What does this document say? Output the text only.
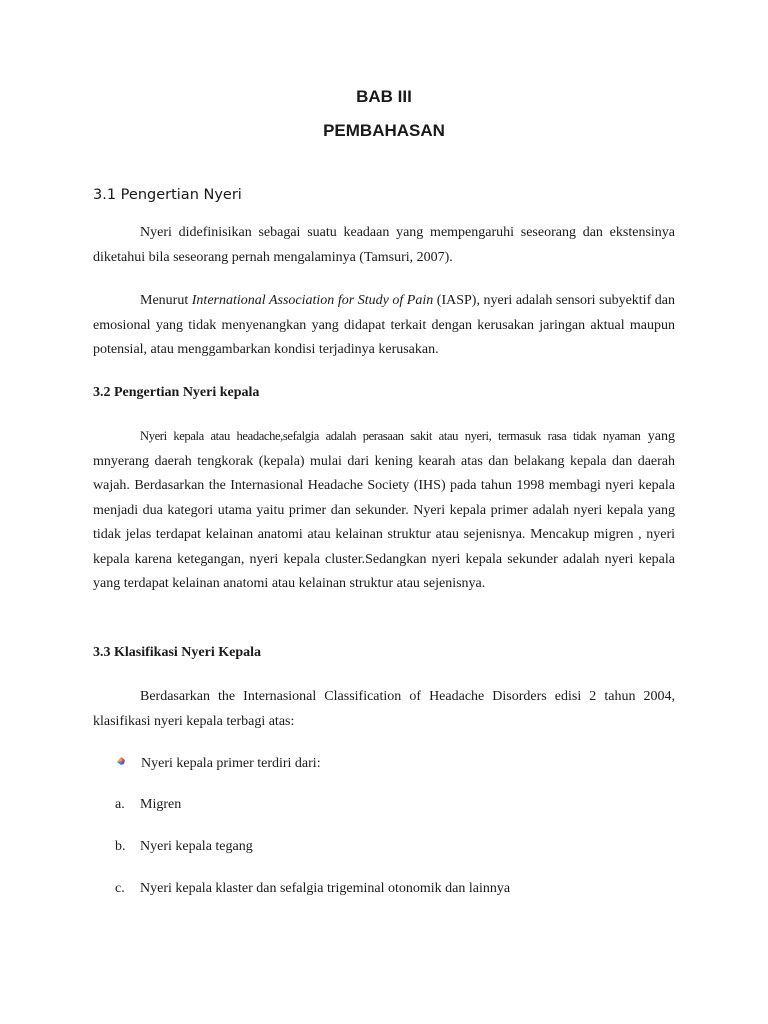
BAB III

PEMBAHASAN

3.1 Pengertian Nyeri

Nyeri didefinisikan sebagai suatu keadaan yang mempengaruhi seseorang dan ekstensinya diketahui bila seseorang pernah mengalaminya (Tamsuri, 2007).

Menurut International Association for Study of Pain (IASP), nyeri adalah sensori subyektif dan emosional yang tidak menyenangkan yang didapat terkait dengan kerusakan jaringan aktual maupun potensial, atau menggambarkan kondisi terjadinya kerusakan.

3.2 Pengertian Nyeri kepala

Nyeri kepala atau headache,sefalgia adalah perasaan sakit atau nyeri, termasuk rasa tidak nyaman yang mnyerang daerah tengkorak (kepala) mulai dari kening kearah atas dan belakang kepala dan daerah wajah. Berdasarkan the Internasional Headache Society (IHS) pada tahun 1998 membagi nyeri kepala menjadi dua kategori utama yaitu primer dan sekunder. Nyeri kepala primer adalah nyeri kepala yang tidak jelas terdapat kelainan anatomi atau kelainan struktur atau sejenisnya. Mencakup migren , nyeri kepala karena ketegangan, nyeri kepala cluster.Sedangkan nyeri kepala sekunder adalah nyeri kepala yang terdapat kelainan anatomi atau kelainan struktur atau sejenisnya.

3.3 Klasifikasi Nyeri Kepala

Berdasarkan the Internasional Classification of Headache Disorders edisi 2 tahun 2004, klasifikasi nyeri kepala terbagi atas:

Nyeri kepala primer terdiri dari:
a. Migren
b. Nyeri kepala tegang
c. Nyeri kepala klaster dan sefalgia trigeminal otonomik dan lainnya
